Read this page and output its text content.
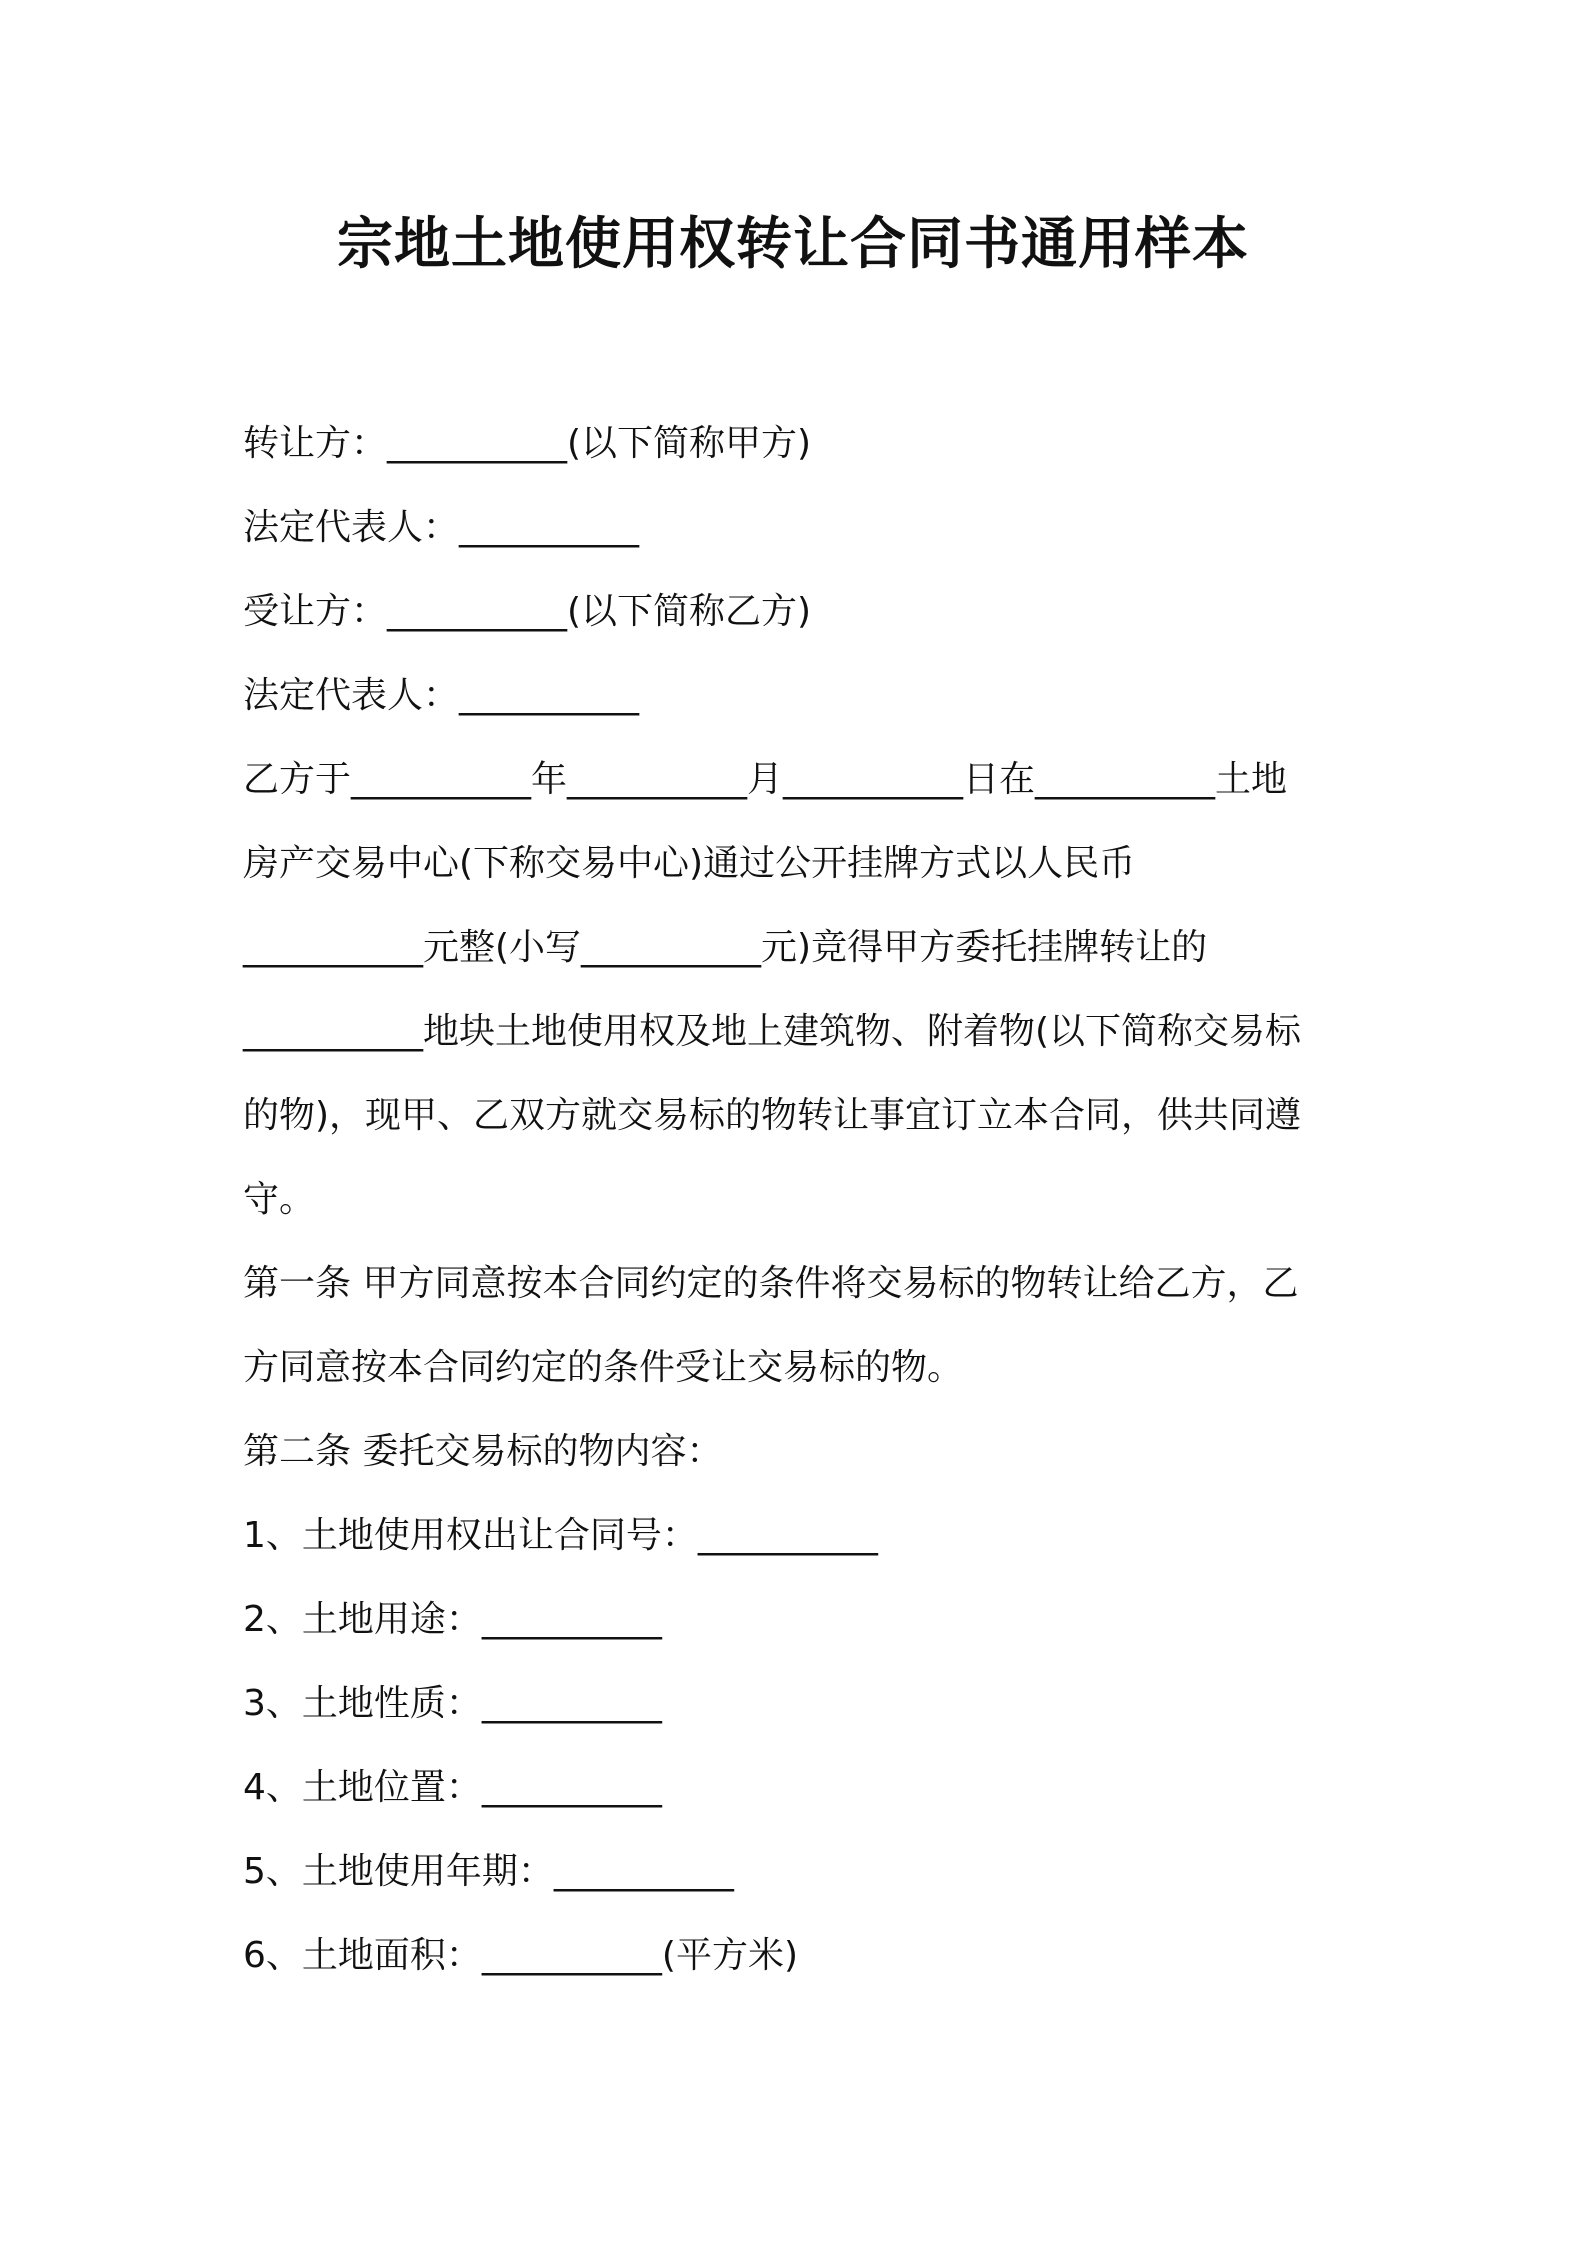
宗地土地使用权转让合同书通用样本
转让方：__________(以下简称甲方)
法定代表人：__________
受让方：__________(以下简称乙方)
法定代表人：__________
乙方于__________年__________月__________日在__________土地
房产交易中心(下称交易中心)通过公开挂牌方式以人民币
__________元整(小写__________元)竞得甲方委托挂牌转让的
__________地块土地使用权及地上建筑物、附着物(以下简称交易标
的物)，现甲、乙双方就交易标的物转让事宜订立本合同，供共同遵
守。
第一条 甲方同意按本合同约定的条件将交易标的物转让给乙方，乙
方同意按本合同约定的条件受让交易标的物。
第二条 委托交易标的物内容：
1、土地使用权出让合同号：__________
2、土地用途：__________
3、土地性质：__________
4、土地位置：__________
5、土地使用年期：__________
6、土地面积：__________(平方米)
